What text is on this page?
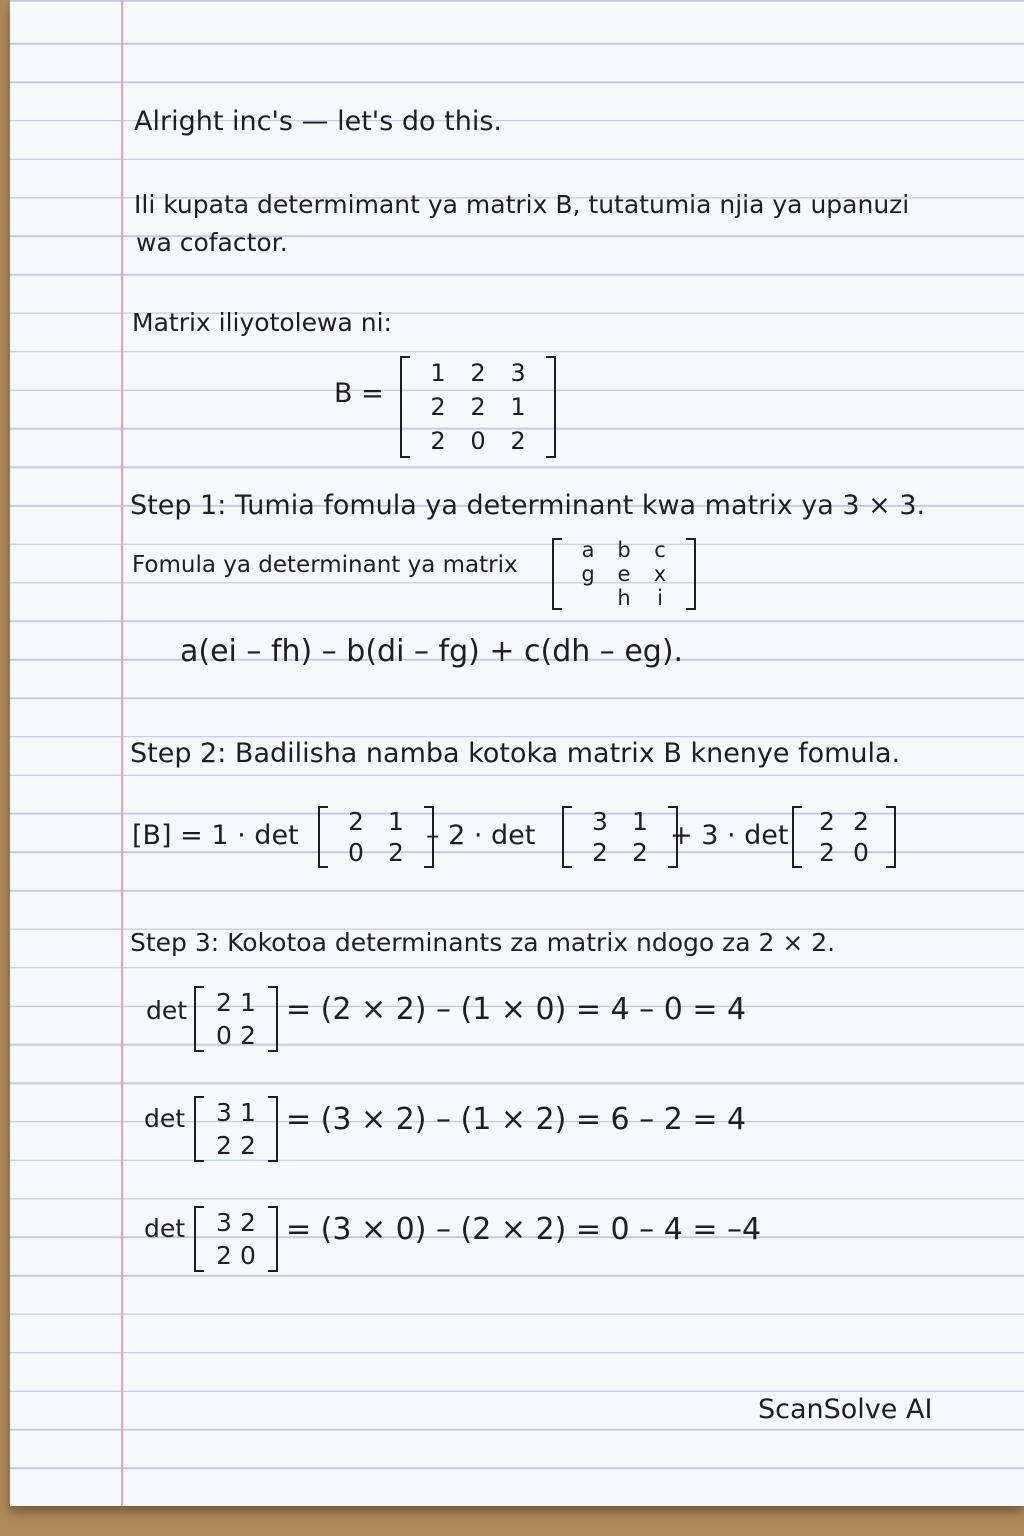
Alright inc's — let's do this.
Ili kupata determimant ya matrix B, tutatumia njia ya upanuzi
wa cofactor.
Matrix iliyotolewa ni:
B =
1 2 3
2 2 1
2 0 2
Step 1: Tumia fomula ya determinant kwa matrix ya 3 × 3.
Fomula ya determinant ya matrix
a b c
g e x
h i
a(ei – fh) – b(di – fg) + c(dh – eg).
Step 2: Badilisha namba kotoka matrix B knenye fomula.
[B] = 1 · det 2 1
0 2
– 2 · det 3 1
2 2
+ 3 · det 2 2
2 0
Step 3: Kokotoa determinants za matrix ndogo za 2 × 2.
det 2 1
0 2
= (2 × 2) – (1 × 0) = 4 – 0 = 4
det 3 1
2 2
= (3 × 2) – (1 × 2) = 6 – 2 = 4
det 3 2
2 0
= (3 × 0) – (2 × 2) = 0 – 4 = –4
ScanSolve AI
